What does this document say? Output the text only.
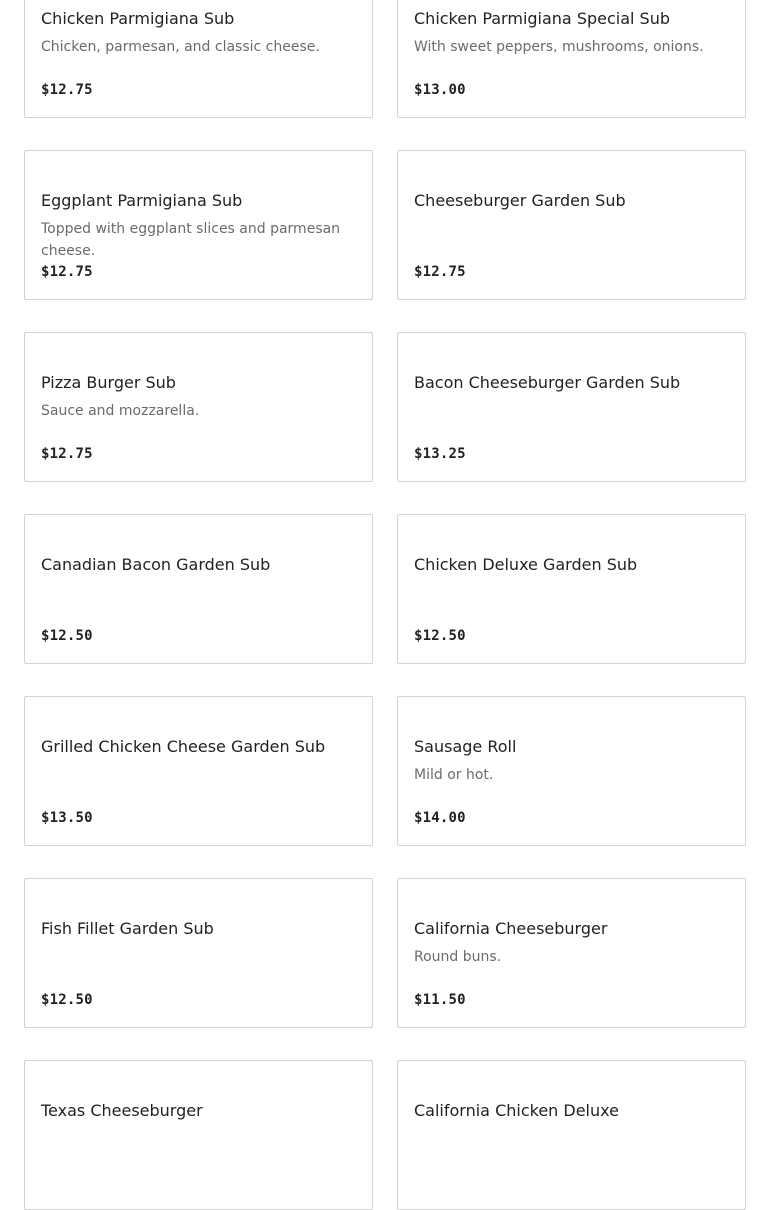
Chicken Parmigiana Sub
Chicken, parmesan, and classic cheese.
$12.75
Chicken Parmigiana Special Sub
With sweet peppers, mushrooms, onions.
$13.00
Eggplant Parmigiana Sub
Topped with eggplant slices and parmesan cheese.
$12.75
Cheeseburger Garden Sub
$12.75
Pizza Burger Sub
Sauce and mozzarella.
$12.75
Bacon Cheeseburger Garden Sub
$13.25
Canadian Bacon Garden Sub
$12.50
Chicken Deluxe Garden Sub
$12.50
Grilled Chicken Cheese Garden Sub
$13.50
Sausage Roll
Mild or hot.
$14.00
Fish Fillet Garden Sub
$12.50
California Cheeseburger
Round buns.
$11.50
Texas Cheeseburger	California Chicken Deluxe
